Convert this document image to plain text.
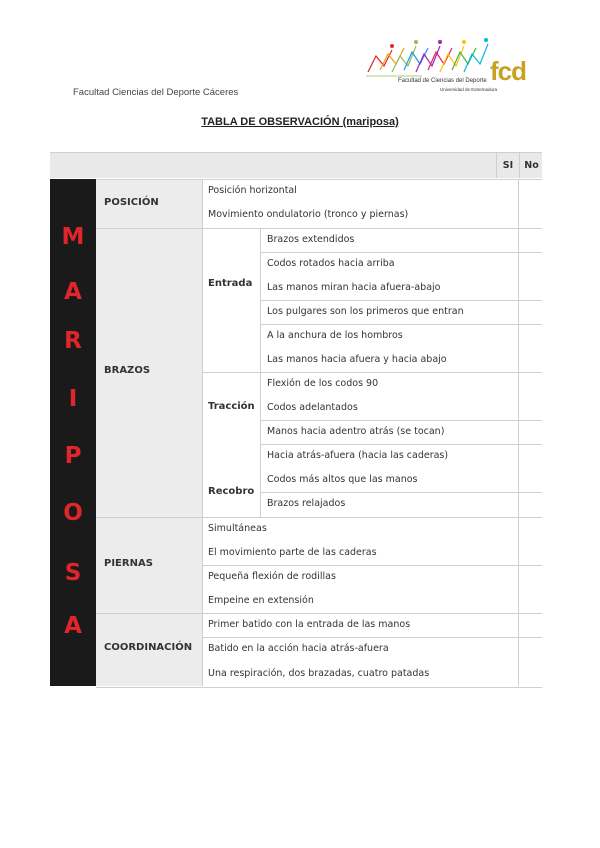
Facultad Ciencias del Deporte Cáceres
Facultad de Ciencias del Deporte
Universidad de Extremadura
fcd
TABLA DE OBSERVACIÓN (mariposa)
SI	No
M
A
R
I
P
O
S
A
POSICIÓN
Posición horizontal
Movimiento ondulatorio (tronco y piernas)
BRAZOS
Entrada
Tracción
Recobro
Brazos extendidos
Codos rotados hacia arriba
Las manos miran hacia afuera-abajo
Los pulgares son los primeros que entran
A la anchura de los hombros
Las manos hacia afuera y hacia abajo
Flexión de los codos 90
Codos adelantados
Manos hacia adentro atrás (se tocan)
Hacia atrás-afuera (hacia las caderas)
Codos más altos que las manos
Brazos relajados
PIERNAS
Simultáneas
El movimiento parte de las caderas
Pequeña flexión de rodillas
Empeine en extensión
COORDINACIÓN
Primer batido con la entrada de las manos
Batido en la acción hacia atrás-afuera
Una respiración, dos brazadas, cuatro patadas
